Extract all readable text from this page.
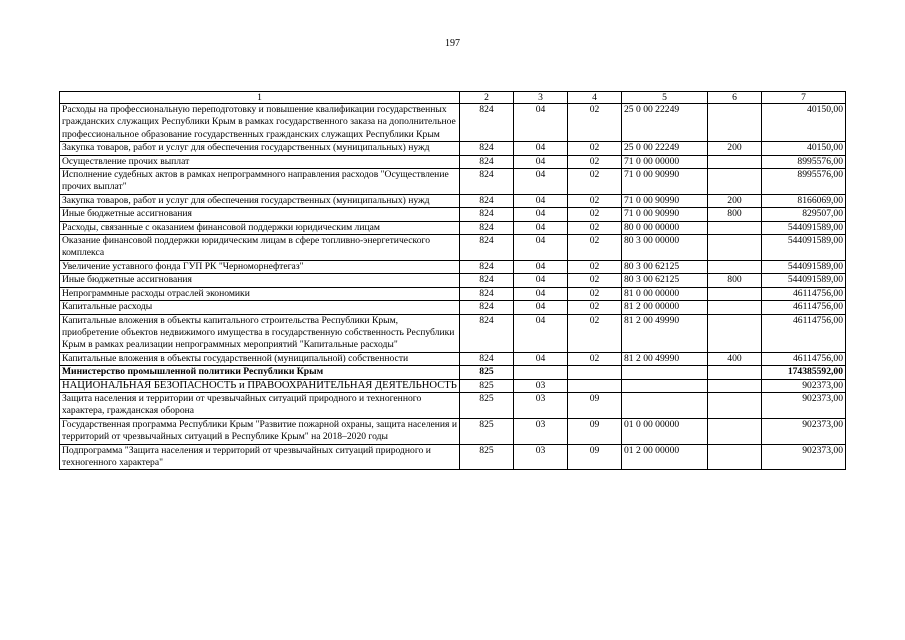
197
1	2	3	4	5	6	7
Расходы на профессиональную переподготовку и повышение квалификации государственных гражданских служащих Республики Крым в рамках государственного заказа на дополнительное профессиональное образование государственных гражданских служащих Республики Крым	824	04	02	25 0 00 22249		40150,00
Закупка товаров, работ и услуг для обеспечения государственных (муниципальных) нужд	824	04	02	25 0 00 22249	200	40150,00
Осуществление прочих выплат	824	04	02	71 0 00 00000		8995576,00
Исполнение судебных актов в рамках непрограммного направления расходов "Осуществление прочих выплат"	824	04	02	71 0 00 90990		8995576,00
Закупка товаров, работ и услуг для обеспечения государственных (муниципальных) нужд	824	04	02	71 0 00 90990	200	8166069,00
Иные бюджетные ассигнования	824	04	02	71 0 00 90990	800	829507,00
Расходы, связанные с оказанием финансовой поддержки юридическим лицам	824	04	02	80 0 00 00000		544091589,00
Оказание финансовой поддержки юридическим лицам в сфере топливно-энергетического комплекса	824	04	02	80 3 00 00000		544091589,00
Увеличение уставного фонда ГУП РК "Черноморнефтегаз"	824	04	02	80 3 00 62125		544091589,00
Иные бюджетные ассигнования	824	04	02	80 3 00 62125	800	544091589,00
Непрограммные расходы отраслей экономики	824	04	02	81 0 00 00000		46114756,00
Капитальные расходы	824	04	02	81 2 00 00000		46114756,00
Капитальные вложения в объекты капитального строительства Республики Крым, приобретение объектов недвижимого имущества в государственную собственность Республики Крым в рамках реализации непрограммных мероприятий "Капитальные расходы"	824	04	02	81 2 00 49990		46114756,00
Капитальные вложения в объекты государственной (муниципальной) собственности	824	04	02	81 2 00 49990	400	46114756,00
Министерство промышленной политики Республики Крым	825					174385592,00
НАЦИОНАЛЬНАЯ БЕЗОПАСНОСТЬ и ПРАВООХРАНИТЕЛЬНАЯ ДЕЯТЕЛЬНОСТЬ	825	03				902373,00
Защита населения и территории от чрезвычайных ситуаций природного и техногенного характера, гражданская оборона	825	03	09			902373,00
Государственная программа Республики Крым "Развитие пожарной охраны, защита населения и территорий от чрезвычайных ситуаций в Республике Крым" на 2018–2020 годы	825	03	09	01 0 00 00000		902373,00
Подпрограмма "Защита населения и территорий от чрезвычайных ситуаций природного и техногенного характера"	825	03	09	01 2 00 00000		902373,00
